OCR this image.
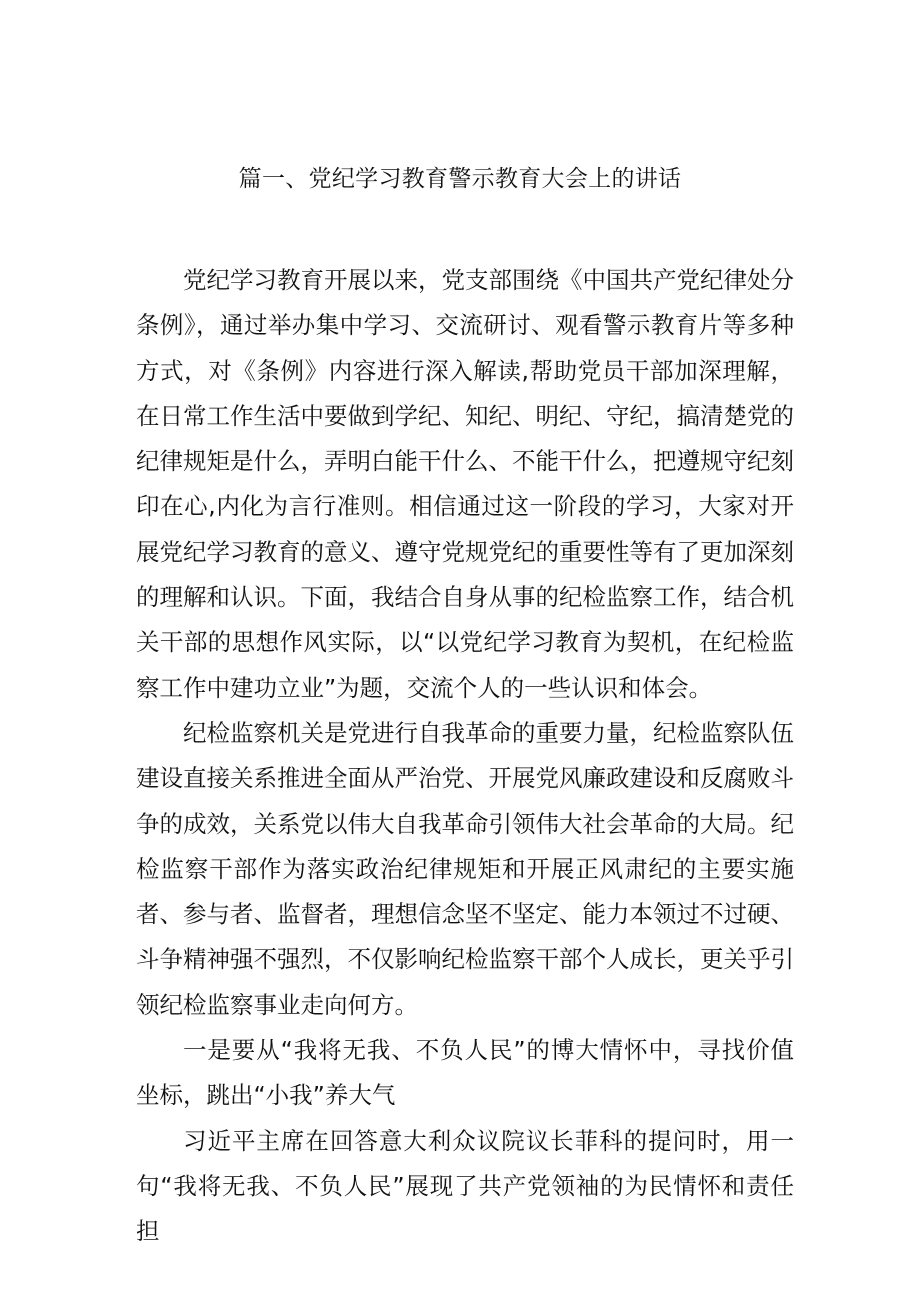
篇一、党纪学习教育警示教育大会上的讲话

党纪学习教育开展以来，党支部围绕《中国共产党纪律处分条例》，通过举办集中学习、交流研讨、观看警示教育片等多种方式，对《条例》内容进行深入解读,帮助党员干部加深理解，在日常工作生活中要做到学纪、知纪、明纪、守纪，搞清楚党的纪律规矩是什么，弄明白能干什么、不能干什么，把遵规守纪刻印在心,内化为言行准则。相信通过这一阶段的学习，大家对开展党纪学习教育的意义、遵守党规党纪的重要性等有了更加深刻的理解和认识。下面，我结合自身从事的纪检监察工作，结合机关干部的思想作风实际，以“以党纪学习教育为契机，在纪检监察工作中建功立业”为题，交流个人的一些认识和体会。

纪检监察机关是党进行自我革命的重要力量，纪检监察队伍建设直接关系推进全面从严治党、开展党风廉政建设和反腐败斗争的成效，关系党以伟大自我革命引领伟大社会革命的大局。纪检监察干部作为落实政治纪律规矩和开展正风肃纪的主要实施者、参与者、监督者，理想信念坚不坚定、能力本领过不过硬、斗争精神强不强烈，不仅影响纪检监察干部个人成长，更关乎引领纪检监察事业走向何方。

一是要从“我将无我、不负人民”的博大情怀中，寻找价值坐标，跳出“小我”养大气

习近平主席在回答意大利众议院议长菲科的提问时，用一句“我将无我、不负人民”展现了共产党领袖的为民情怀和责任担
